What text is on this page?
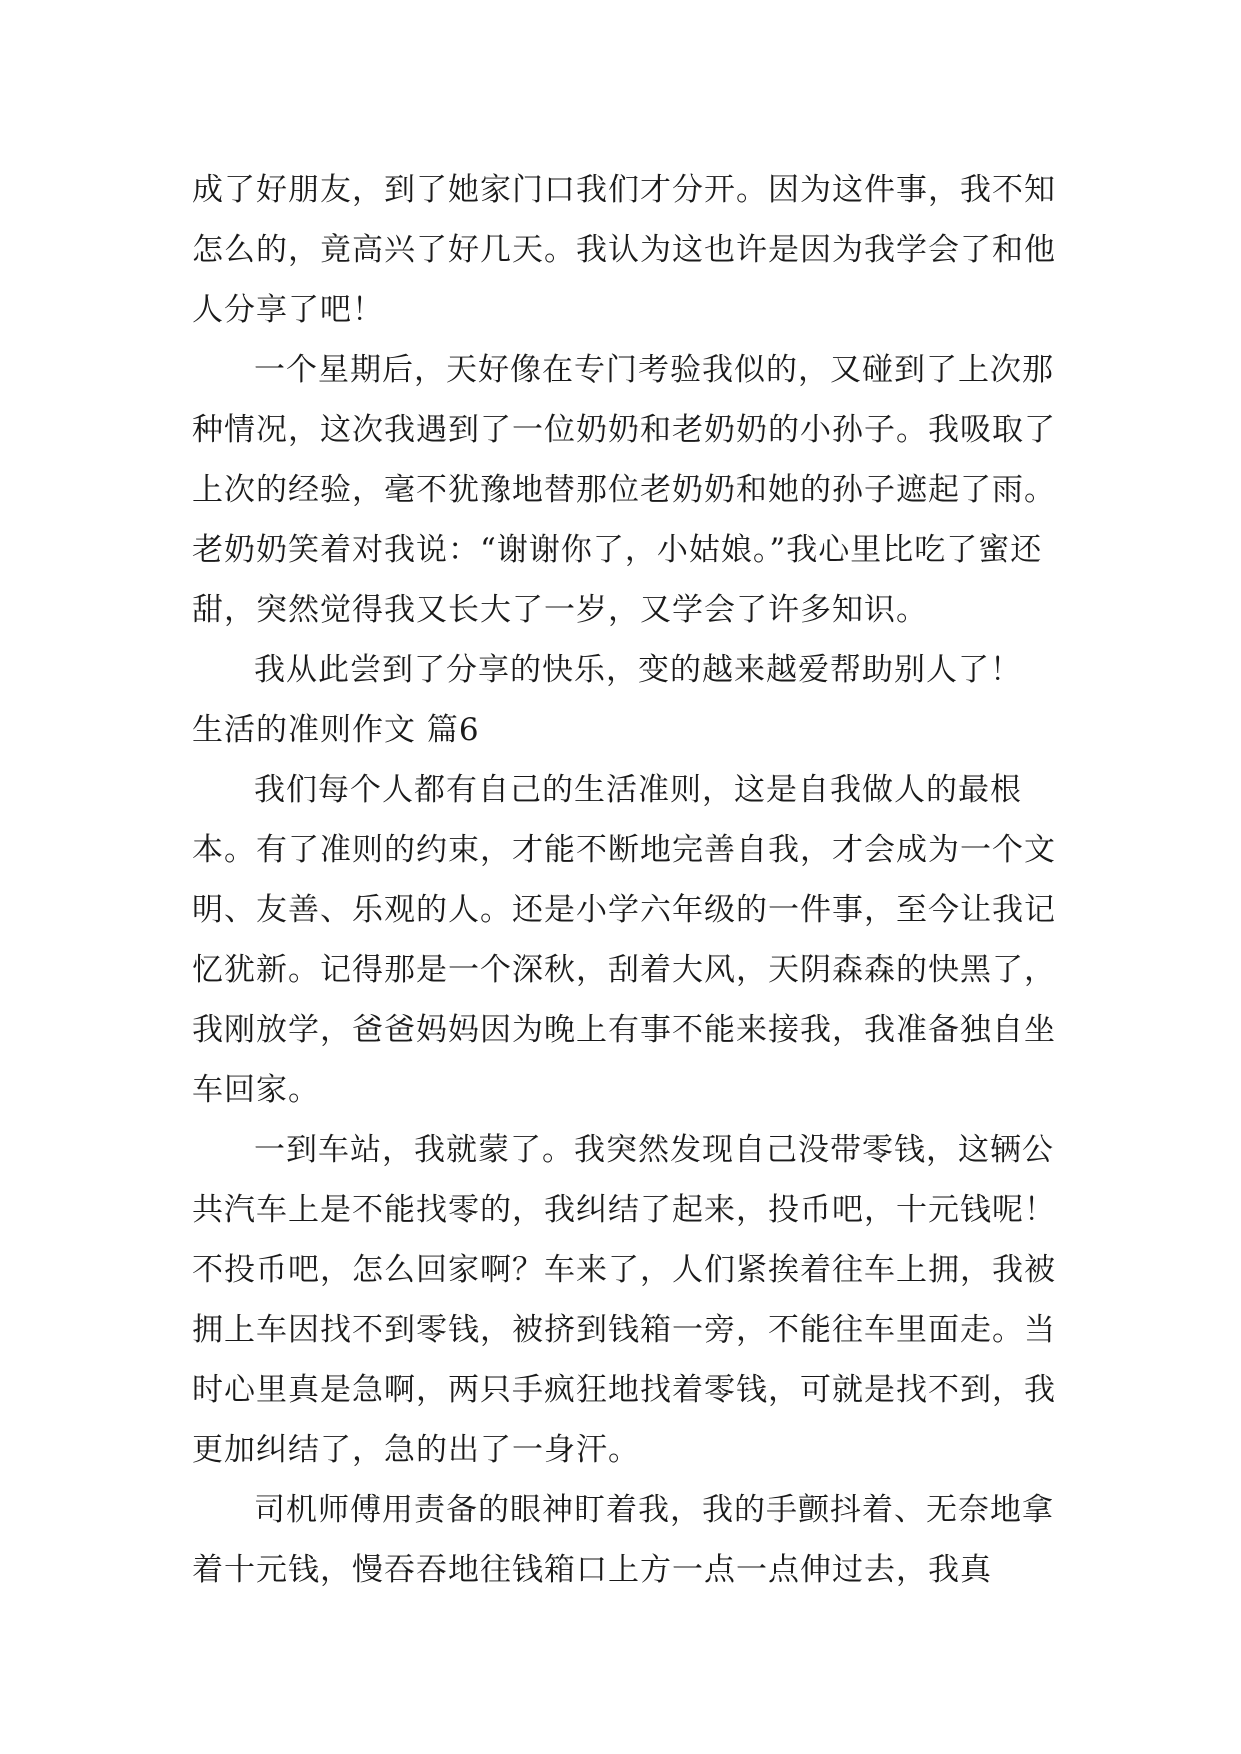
成了好朋友，到了她家门口我们才分开。因为这件事，我不知怎么的，竟高兴了好几天。我认为这也许是因为我学会了和他人分享了吧！

一个星期后，天好像在专门考验我似的，又碰到了上次那种情况，这次我遇到了一位奶奶和老奶奶的小孙子。我吸取了上次的经验，毫不犹豫地替那位老奶奶和她的孙子遮起了雨。老奶奶笑着对我说：“谢谢你了，小姑娘。”我心里比吃了蜜还甜，突然觉得我又长大了一岁，又学会了许多知识。

我从此尝到了分享的快乐，变的越来越爱帮助别人了！

生活的准则作文 篇6

我们每个人都有自己的生活准则，这是自我做人的最根本。有了准则的约束，才能不断地完善自我，才会成为一个文明、友善、乐观的人。还是小学六年级的一件事，至今让我记忆犹新。记得那是一个深秋，刮着大风，天阴森森的快黑了，我刚放学，爸爸妈妈因为晚上有事不能来接我，我准备独自坐车回家。

一到车站，我就蒙了。我突然发现自己没带零钱，这辆公共汽车上是不能找零的，我纠结了起来，投币吧，十元钱呢！不投币吧，怎么回家啊？车来了，人们紧挨着往车上拥，我被拥上车因找不到零钱，被挤到钱箱一旁，不能往车里面走。当时心里真是急啊，两只手疯狂地找着零钱，可就是找不到，我更加纠结了，急的出了一身汗。

司机师傅用责备的眼神盯着我，我的手颤抖着、无奈地拿着十元钱，慢吞吞地往钱箱口上方一点一点伸过去，我真
